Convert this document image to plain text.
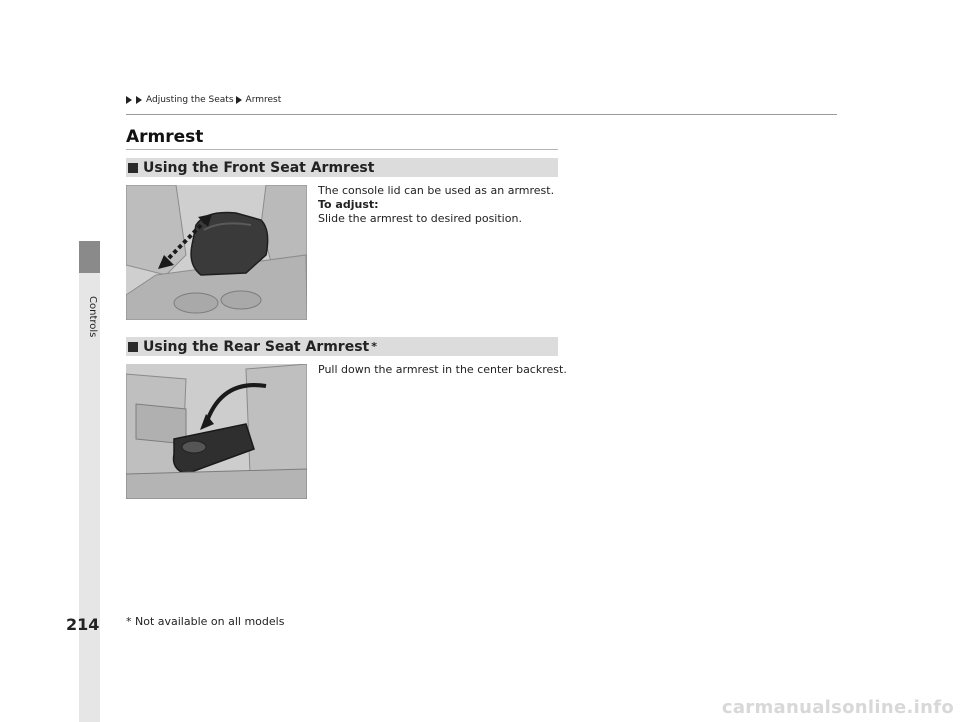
Controls
Adjusting the Seats Armrest
Armrest
Using the Front Seat Armrest
The console lid can be used as an armrest.
To adjust:
Slide the armrest to desired position.
Using the Rear Seat Armrest *
Pull down the armrest in the center backrest.
214 * Not available on all models
carmanualsonline.info
